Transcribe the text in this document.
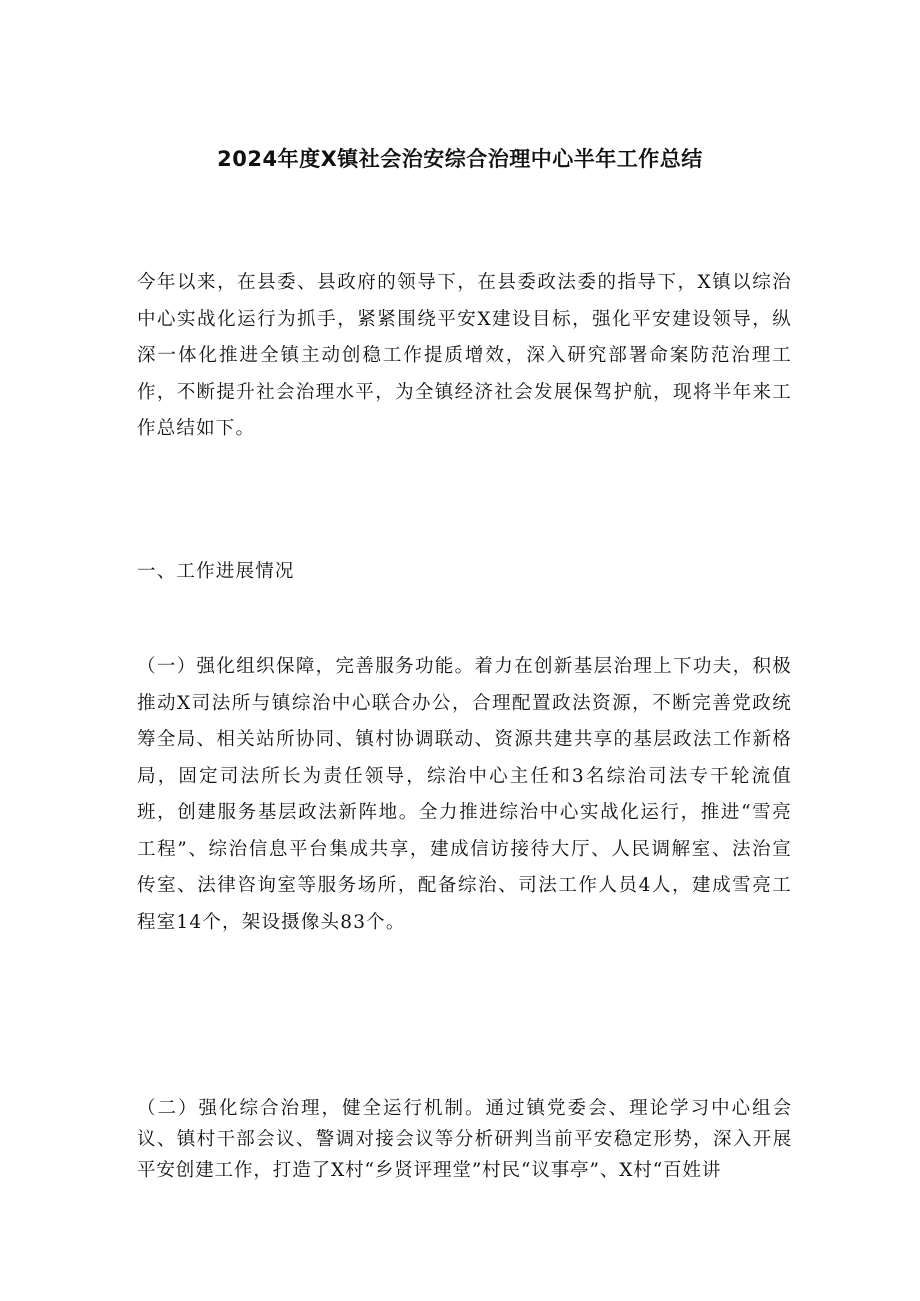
2024年度X镇社会治安综合治理中心半年工作总结

今年以来，在县委、县政府的领导下，在县委政法委的指导下，X镇以综治中心实战化运行为抓手，紧紧围绕平安X建设目标，强化平安建设领导，纵深一体化推进全镇主动创稳工作提质增效，深入研究部署命案防范治理工作，不断提升社会治理水平，为全镇经济社会发展保驾护航，现将半年来工作总结如下。

一、工作进展情况

（一）强化组织保障，完善服务功能。着力在创新基层治理上下功夫，积极推动X司法所与镇综治中心联合办公，合理配置政法资源，不断完善党政统筹全局、相关站所协同、镇村协调联动、资源共建共享的基层政法工作新格局，固定司法所长为责任领导，综治中心主任和3名综治司法专干轮流值班，创建服务基层政法新阵地。全力推进综治中心实战化运行，推进“雪亮工程”、综治信息平台集成共享，建成信访接待大厅、人民调解室、法治宣传室、法律咨询室等服务场所，配备综治、司法工作人员4人，建成雪亮工程室14个，架设摄像头83个。

（二）强化综合治理，健全运行机制。通过镇党委会、理论学习中心组会议、镇村干部会议、警调对接会议等分析研判当前平安稳定形势，深入开展平安创建工作，打造了X村“乡贤评理堂”村民“议事亭”、X村“百姓讲
